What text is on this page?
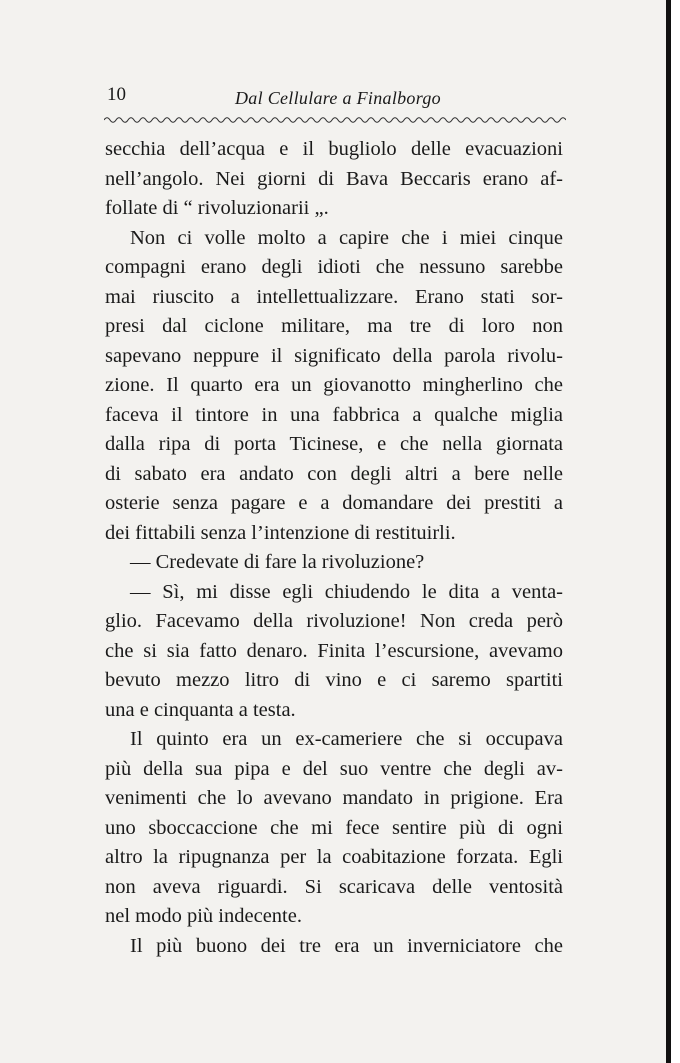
10	Dal Cellulare a Finalborgo
secchia dell’acqua e il bugliolo delle evacuazioni
nell’angolo. Nei giorni di Bava Beccaris erano af-
follate di “ rivoluzionarii „.
Non ci volle molto a capire che i miei cinque
compagni erano degli idioti che nessuno sarebbe
mai riuscito a intellettualizzare. Erano stati sor-
presi dal ciclone militare, ma tre di loro non
sapevano neppure il significato della parola rivolu-
zione. Il quarto era un giovanotto mingherlino che
faceva il tintore in una fabbrica a qualche miglia
dalla ripa di porta Ticinese, e che nella giornata
di sabato era andato con degli altri a bere nelle
osterie senza pagare e a domandare dei prestiti a
dei fittabili senza l’intenzione di restituirli.
— Credevate di fare la rivoluzione?
— Sì, mi disse egli chiudendo le dita a venta-
glio. Facevamo della rivoluzione! Non creda però
che si sia fatto denaro. Finita l’escursione, avevamo
bevuto mezzo litro di vino e ci saremo spartiti
una e cinquanta a testa.
Il quinto era un ex-cameriere che si occupava
più della sua pipa e del suo ventre che degli av-
venimenti che lo avevano mandato in prigione. Era
uno sboccaccione che mi fece sentire più di ogni
altro la ripugnanza per la coabitazione forzata. Egli
non aveva riguardi. Si scaricava delle ventosità
nel modo più indecente.
Il più buono dei tre era un inverniciatore che
